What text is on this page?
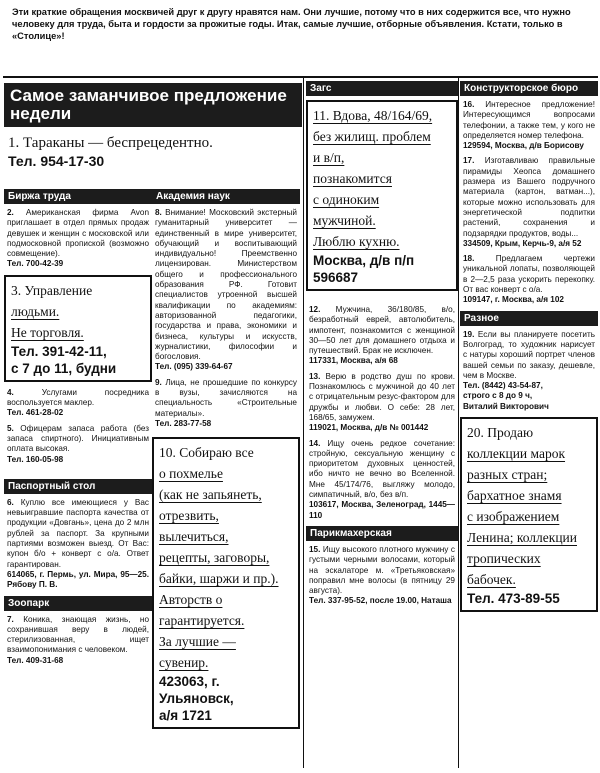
Эти краткие обращения москвичей друг к другу нравятся нам. Они лучшие, потому что в них содержится все, что нужно человеку для труда, быта и гордости за прожитые годы. Итак, самые лучшие, отборные объявления. Кстати, только в «Столице»!
Самое заманчивое предложение недели
1. Тараканы — беспрецедентно.
Тел. 954-17-30
Биржа труда
2. Американская фирма Avon приглашает в отдел прямых продаж девушек и женщин с московской или подмосковной пропиской (возможно совмещение).
Тел. 700-42-39
3. Управление
людьми.
Не торговля.
Тел. 391-42-11,
с 7 до 11, будни
4.	Услугами посредника воспользуется маклер.
Тел. 461-28-02
5. Офицерам запаса работа (без запаса спиртного). Инициативным оплата высокая.
Тел. 160-05-98
Паспортный стол
6. Куплю все имеющиеся у Вас невыигравшие паспорта качества от продукции «Довгань», цена до 2 млн рублей за паспорт. За крупными партиями возможен выезд. От Вас: купон б/о + конверт с о/а. Ответ гарантирован.
614065, г. Пермь, ул. Мира, 95—25. Рябову П. В.
Зоопарк
7. Коника, знающая жизнь, но сохранившая веру в людей, стерилизованная, ищет взаимопонимания с человеком.
Тел. 409-31-68
Академия наук
8. Внимание! Московский экстерный гуманитарный университет — единственный в мире университет, обучающий и воспитывающий индивидуально! Преемственно лицензирован. Министерством общего и профессионального образования РФ. Готовит специалистов утроенной высшей квалификации по академиям: авторизованной педагогики, государства и права, экономики и бизнеса, культуры и искусств, журналистики, философии и богословия.
Тел. (095) 339-64-67
9. Лица, не прошедшие по конкурсу в вузы, зачисляются на специальность «Строительные материалы».
Тел. 283-77-58
10. Собираю все
о похмелье
(как не запьянеть,
отрезвить,
вылечиться,
рецепты, заговоры,
байки, шаржи и пр.).
Авторств о
гарантируется.
За лучшие —
сувенир.
423063, г. Ульяновск,
а/я 1721
Загс
11. Вдова, 48/164/69,
без жилищ. проблем
и в/п,
познакомится
с одиноким
мужчиной.
Люблю кухню.
Москва, д/в п/п
596687
12. Мужчина, 36/180/85, в/о, безработный еврей, автолюбитель, импотент, познакомится с женщиной 30—50 лет для домашнего отдыха и путешествий. Брак не исключен.
117331, Москва, а/я 68
13. Верю в родство душ по крови. Познакомлюсь с мужчиной до 40 лет с отрицательным резус-фактором для дружбы и любви. О себе: 28 лет, 168/65, замужем.
119021, Москва, д/в № 001442
14. Ищу очень редкое сочетание: стройную, сексуальную женщину с приоритетом духовных ценностей, ибо ничто не вечно во Вселенной. Мне 45/174/76, выгляжу молодо, симпатичный, в/о, без в/п.
103617, Москва, Зеленоград, 1445—110
Парикмахерская
15. Ищу высокого плотного мужчину с густыми черными волосами, который на эскалаторе м. «Третьяковская» поправил мне волосы (в пятницу 29 августа).
Тел. 337-95-52, после 19.00, Наташа
Конструкторское бюро
16. Интересное предложение! Интересующимся вопросами телефонии, а также тем, у кого не определяется номер телефона.
129594, Москва, д/в Борисову
17. Изготавливаю правильные пирамиды Хеопса домашнего размера из Вашего подручного материала (картон, ватман...), которые можно использовать для энергетической подпитки растений, сохранения и подзарядки продуктов, воды...
334509, Крым, Керчь-9, а/я 52
18.	Предлагаем чертежи уникальной лопаты, позволяющей в 2—2,5 раза ускорить перекопку. От вас конверт с о/а.
109147, г. Москва, а/я 102
Разное
19. Если вы планируете посетить Волгоград, то художник нарисует с натуры хороший портрет членов вашей семьи по заказу, дешевле, чем в Москве.
Тел. (8442) 43-54-87,
строго с 8 до 9 ч,
Виталий Викторович
20. Продаю
коллекции марок
разных стран;
бархатное знамя
с изображением
Ленина; коллекции
тропических
бабочек.
Тел. 473-89-55
